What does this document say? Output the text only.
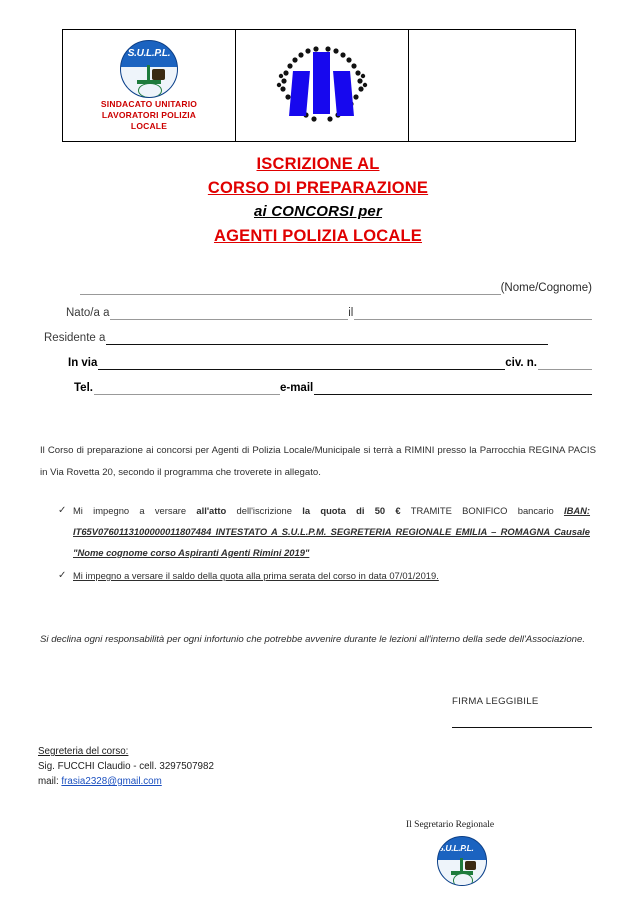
S.U.L.P.L.
SINDACATO UNITARIO
LAVORATORI POLIZIA
LOCALE

ISCRIZIONE AL
CORSO DI PREPARAZIONE
ai CONCORSI per
AGENTI POLIZIA LOCALE
(Nome/Cognome)
Nato/a a	il
Residente a
In via	civ. n.
Tel.	e-mail
Il Corso di preparazione ai concorsi per Agenti di Polizia Locale/Municipale si terrà a RIMINI presso la Parrocchia REGINA PACIS in Via Rovetta 20, secondo il programma che troverete in allegato.
✓ Mi impegno a versare all'atto dell'iscrizione la quota di 50 € TRAMITE BONIFICO bancario IBAN: IT65V0760113100000011807484 INTESTATO A S.U.L.P.M. SEGRETERIA REGIONALE EMILIA – ROMAGNA Causale "Nome cognome corso Aspiranti Agenti Rimini 2019"
✓ Mi impegno a versare il saldo della quota alla prima serata del corso in data 07/01/2019.
Si declina ogni responsabilità per ogni infortunio che potrebbe avvenire durante le lezioni all'interno della sede dell'Associazione.
FIRMA LEGGIBILE
Segreteria del corso:
Sig. FUCCHI Claudio - cell. 3297507982
mail: frasia2328@gmail.com
Il Segretario Regionale
S.U.L.P.L.
